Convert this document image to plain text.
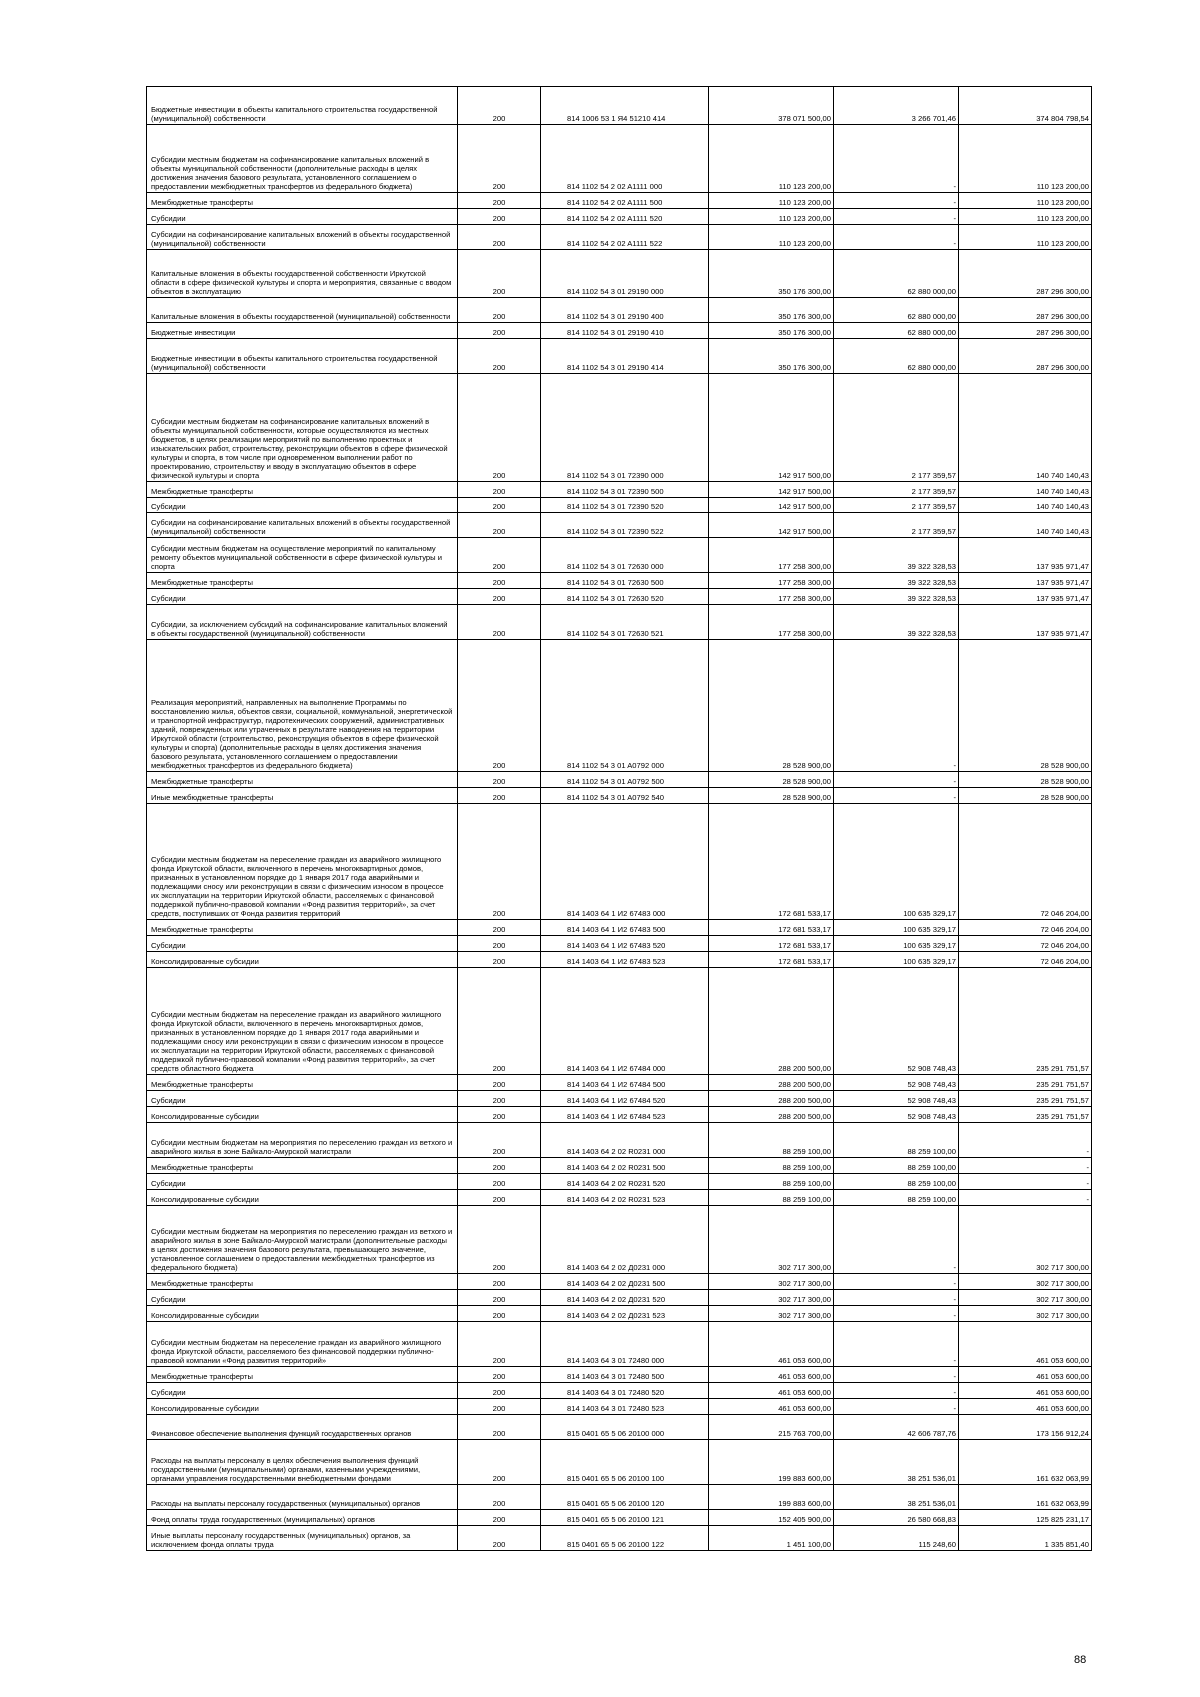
Бюджетные инвестиции в объекты капитального строительства государственной (муниципальной) собственности	200	814 1006 53 1 Я4 51210 414	378 071 500,00	3 266 701,46	374 804 798,54
Субсидии местным бюджетам на софинансирование капитальных вложений в объекты муниципальной собственности (дополнительные расходы в целях достижения значения базового результата, установленного соглашением о предоставлении межбюджетных трансфертов из федерального бюджета)	200	814 1102 54 2 02 A1111 000	110 123 200,00	-	110 123 200,00
Межбюджетные трансферты	200	814 1102 54 2 02 A1111 500	110 123 200,00	-	110 123 200,00
Субсидии	200	814 1102 54 2 02 A1111 520	110 123 200,00	-	110 123 200,00
Субсидии на софинансирование капитальных вложений в объекты государственной (муниципальной) собственности	200	814 1102 54 2 02 A1111 522	110 123 200,00	-	110 123 200,00
Капитальные вложения в объекты государственной собственности Иркутской области в сфере физической культуры и спорта и мероприятия, связанные с вводом объектов в эксплуатацию	200	814 1102 54 3 01 29190 000	350 176 300,00	62 880 000,00	287 296 300,00
Капитальные вложения в объекты государственной (муниципальной) собственности	200	814 1102 54 3 01 29190 400	350 176 300,00	62 880 000,00	287 296 300,00
Бюджетные инвестиции	200	814 1102 54 3 01 29190 410	350 176 300,00	62 880 000,00	287 296 300,00
Бюджетные инвестиции в объекты капитального строительства государственной (муниципальной) собственности	200	814 1102 54 3 01 29190 414	350 176 300,00	62 880 000,00	287 296 300,00
Субсидии местным бюджетам на софинансирование капитальных вложений в объекты муниципальной собственности, которые осуществляются из местных бюджетов, в целях реализации мероприятий по выполнению проектных и изыскательских работ, строительству, реконструкции объектов в сфере физической культуры и спорта, в том числе при одновременном выполнении работ по проектированию, строительству и вводу в эксплуатацию объектов в сфере физической культуры и спорта	200	814 1102 54 3 01 72390 000	142 917 500,00	2 177 359,57	140 740 140,43
Межбюджетные трансферты	200	814 1102 54 3 01 72390 500	142 917 500,00	2 177 359,57	140 740 140,43
Субсидии	200	814 1102 54 3 01 72390 520	142 917 500,00	2 177 359,57	140 740 140,43
Субсидии на софинансирование капитальных вложений в объекты государственной (муниципальной) собственности	200	814 1102 54 3 01 72390 522	142 917 500,00	2 177 359,57	140 740 140,43
Субсидии местным бюджетам на осуществление мероприятий по капитальному ремонту объектов муниципальной собственности в сфере физической культуры и спорта	200	814 1102 54 3 01 72630 000	177 258 300,00	39 322 328,53	137 935 971,47
Межбюджетные трансферты	200	814 1102 54 3 01 72630 500	177 258 300,00	39 322 328,53	137 935 971,47
Субсидии	200	814 1102 54 3 01 72630 520	177 258 300,00	39 322 328,53	137 935 971,47
Субсидии, за исключением субсидий на софинансирование капитальных вложений в объекты государственной (муниципальной) собственности	200	814 1102 54 3 01 72630 521	177 258 300,00	39 322 328,53	137 935 971,47
Реализация мероприятий, направленных на выполнение Программы по восстановлению жилья, объектов связи, социальной, коммунальной, энергетической и транспортной инфраструктур, гидротехнических сооружений, административных зданий, поврежденных или утраченных в результате наводнения на территории Иркутской области (строительство, реконструкция объектов в сфере физической культуры и спорта) (дополнительные расходы в целях достижения значения базового результата, установленного соглашением о предоставлении межбюджетных трансфертов из федерального бюджета)	200	814 1102 54 3 01 A0792 000	28 528 900,00	-	28 528 900,00
Межбюджетные трансферты	200	814 1102 54 3 01 A0792 500	28 528 900,00	-	28 528 900,00
Иные межбюджетные трансферты	200	814 1102 54 3 01 A0792 540	28 528 900,00	-	28 528 900,00
Субсидии местным бюджетам на переселение граждан из аварийного жилищного фонда Иркутской области, включенного в перечень многоквартирных домов, признанных в установленном порядке до 1 января 2017 года аварийными и подлежащими сносу или реконструкции в связи с физическим износом в процессе их эксплуатации на территории Иркутской области, расселяемых с финансовой поддержкой публично-правовой компании «Фонд развития территорий», за счет средств, поступивших от Фонда развития территорий	200	814 1403 64 1 И2 67483 000	172 681 533,17	100 635 329,17	72 046 204,00
Межбюджетные трансферты	200	814 1403 64 1 И2 67483 500	172 681 533,17	100 635 329,17	72 046 204,00
Субсидии	200	814 1403 64 1 И2 67483 520	172 681 533,17	100 635 329,17	72 046 204,00
Консолидированные субсидии	200	814 1403 64 1 И2 67483 523	172 681 533,17	100 635 329,17	72 046 204,00
Субсидии местным бюджетам на переселение граждан из аварийного жилищного фонда Иркутской области, включенного в перечень многоквартирных домов, признанных в установленном порядке до 1 января 2017 года аварийными и подлежащими сносу или реконструкции в связи с физическим износом в процессе их эксплуатации на территории Иркутской области, расселяемых с финансовой поддержкой публично-правовой компании «Фонд развития территорий», за счет средств областного бюджета	200	814 1403 64 1 И2 67484 000	288 200 500,00	52 908 748,43	235 291 751,57
Межбюджетные трансферты	200	814 1403 64 1 И2 67484 500	288 200 500,00	52 908 748,43	235 291 751,57
Субсидии	200	814 1403 64 1 И2 67484 520	288 200 500,00	52 908 748,43	235 291 751,57
Консолидированные субсидии	200	814 1403 64 1 И2 67484 523	288 200 500,00	52 908 748,43	235 291 751,57
Субсидии местным бюджетам на мероприятия по переселению граждан из ветхого и аварийного жилья в зоне Байкало-Амурской магистрали	200	814 1403 64 2 02 R0231 000	88 259 100,00	88 259 100,00	-
Межбюджетные трансферты	200	814 1403 64 2 02 R0231 500	88 259 100,00	88 259 100,00	-
Субсидии	200	814 1403 64 2 02 R0231 520	88 259 100,00	88 259 100,00	-
Консолидированные субсидии	200	814 1403 64 2 02 R0231 523	88 259 100,00	88 259 100,00	-
Субсидии местным бюджетам на мероприятия по переселению граждан из ветхого и аварийного жилья в зоне Байкало-Амурской магистрали (дополнительные расходы в целях достижения значения базового результата, превышающего значение, установленное соглашением о предоставлении межбюджетных трансфертов из федерального бюджета)	200	814 1403 64 2 02 Д0231 000	302 717 300,00	-	302 717 300,00
Межбюджетные трансферты	200	814 1403 64 2 02 Д0231 500	302 717 300,00	-	302 717 300,00
Субсидии	200	814 1403 64 2 02 Д0231 520	302 717 300,00	-	302 717 300,00
Консолидированные субсидии	200	814 1403 64 2 02 Д0231 523	302 717 300,00	-	302 717 300,00
Субсидии местным бюджетам на переселение граждан из аварийного жилищного фонда Иркутской области, расселяемого без финансовой поддержки публично-правовой компании «Фонд развития территорий»	200	814 1403 64 3 01 72480 000	461 053 600,00	-	461 053 600,00
Межбюджетные трансферты	200	814 1403 64 3 01 72480 500	461 053 600,00	-	461 053 600,00
Субсидии	200	814 1403 64 3 01 72480 520	461 053 600,00	-	461 053 600,00
Консолидированные субсидии	200	814 1403 64 3 01 72480 523	461 053 600,00	-	461 053 600,00
Финансовое обеспечение выполнения функций государственных органов	200	815 0401 65 5 06 20100 000	215 763 700,00	42 606 787,76	173 156 912,24
Расходы на выплаты персоналу в целях обеспечения выполнения функций государственными (муниципальными) органами, казенными учреждениями, органами управления государственными внебюджетными фондами	200	815 0401 65 5 06 20100 100	199 883 600,00	38 251 536,01	161 632 063,99
Расходы на выплаты персоналу государственных (муниципальных) органов	200	815 0401 65 5 06 20100 120	199 883 600,00	38 251 536,01	161 632 063,99
Фонд оплаты труда государственных (муниципальных) органов	200	815 0401 65 5 06 20100 121	152 405 900,00	26 580 668,83	125 825 231,17
Иные выплаты персоналу государственных (муниципальных) органов, за исключением фонда оплаты труда	200	815 0401 65 5 06 20100 122	1 451 100,00	115 248,60	1 335 851,40
88
